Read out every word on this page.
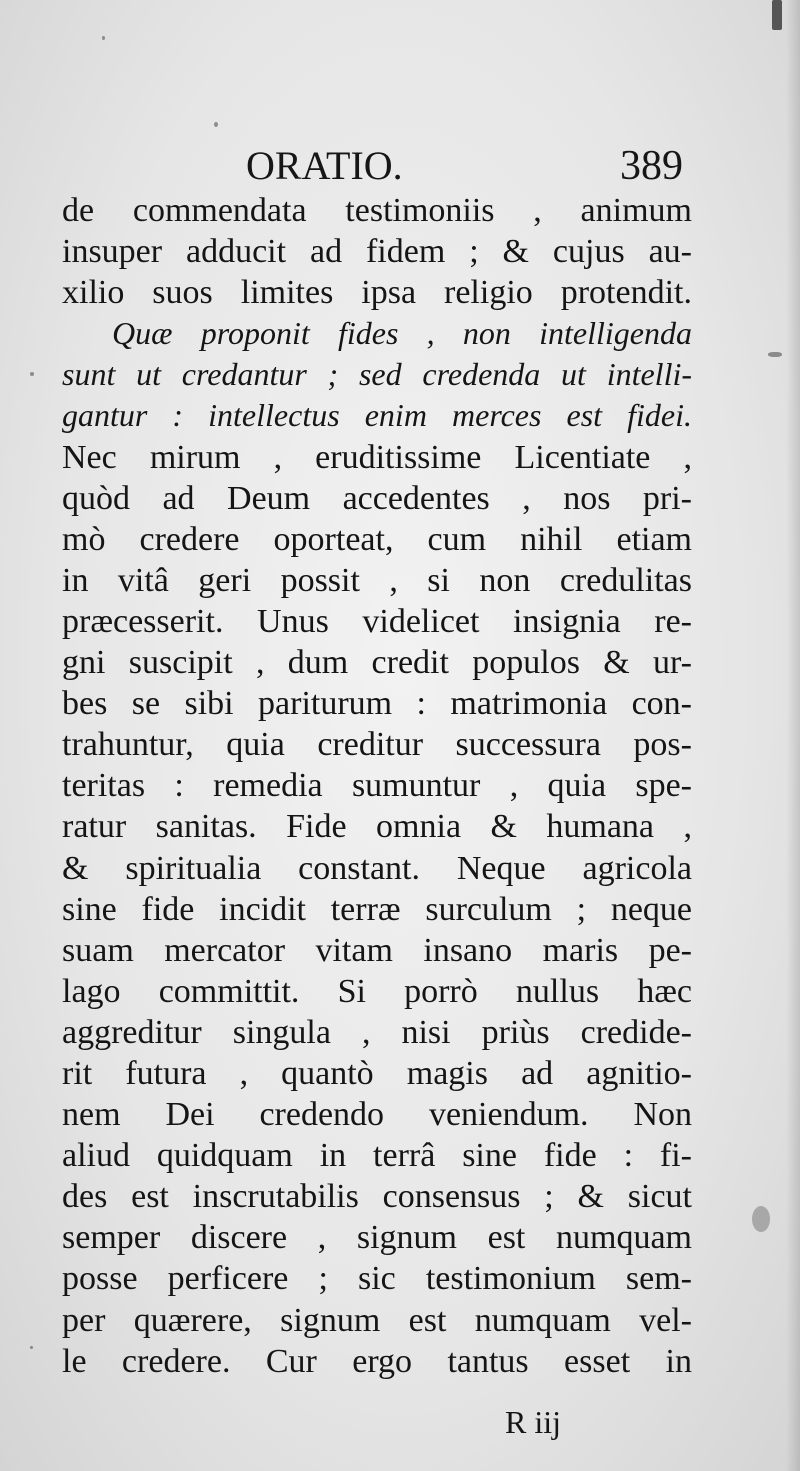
ORATIO.	389
de commendata testimoniis , animum
insuper adducit ad fidem ; & cujus au-
xilio suos limites ipsa religio protendit.
Quæ proponit fides , non intelligenda
sunt ut credantur ; sed credenda ut intelli-
gantur : intellectus enim merces est fidei.
Nec mirum , eruditissime Licentiate ,
quòd ad Deum accedentes , nos pri-
mò credere oporteat, cum nihil etiam
in vitâ geri possit , si non credulitas
præcesserit. Unus videlicet insignia re-
gni suscipit , dum credit populos & ur-
bes se sibi pariturum : matrimonia con-
trahuntur, quia creditur successura pos-
teritas : remedia sumuntur , quia spe-
ratur sanitas. Fide omnia & humana ,
& spiritualia constant. Neque agricola
sine fide incidit terræ surculum ; neque
suam mercator vitam insano maris pe-
lago committit. Si porrò nullus hæc
aggreditur singula , nisi priùs credide-
rit futura , quantò magis ad agnitio-
nem Dei credendo veniendum. Non
aliud quidquam in terrâ sine fide : fi-
des est inscrutabilis consensus ; & sicut
semper discere , signum est numquam
posse perficere ; sic testimonium sem-
per quærere, signum est numquam vel-
le credere. Cur ergo tantus esset in
R iij
